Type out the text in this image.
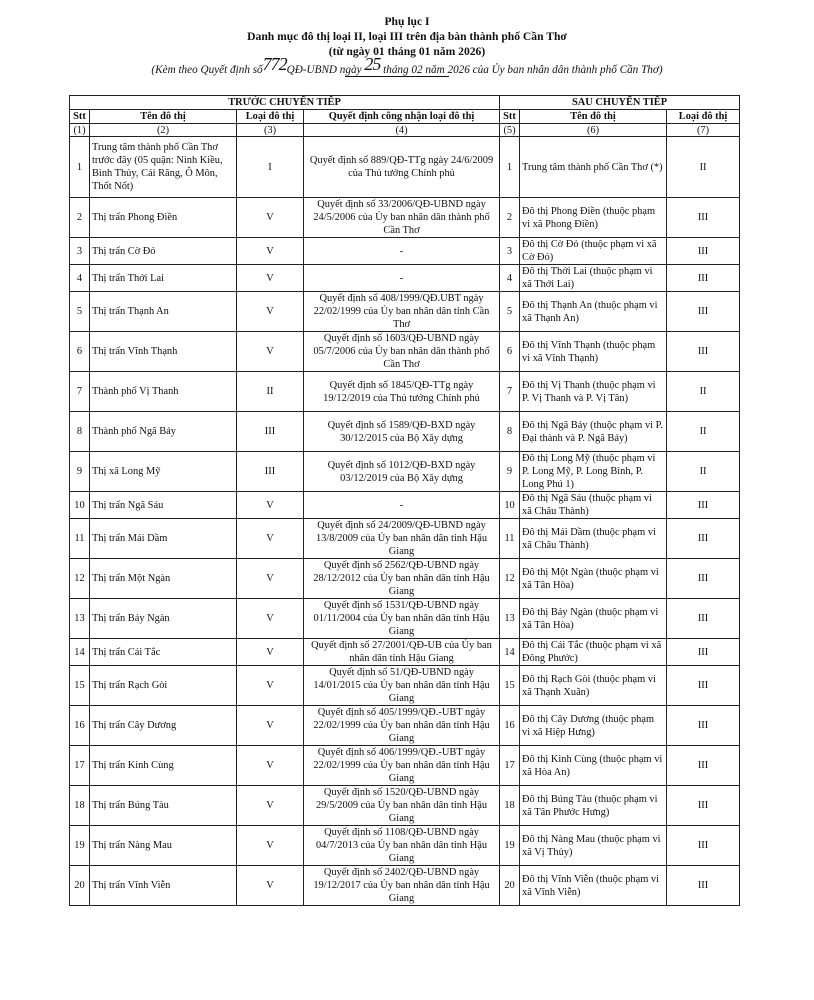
Phụ lục I
Danh mục đô thị loại II, loại III trên địa bàn thành phố Cần Thơ
(từ ngày 01 tháng 01 năm 2026)
(Kèm theo Quyết định số772QĐ-UBND ngày 25 tháng 02 năm 2026 của Ủy ban nhân dân thành phố Cần Thơ)
TRƯỚC CHUYỂN TIẾP				SAU CHUYỂN TIẾP		
Stt	Tên đô thị	Loại đô thị	Quyết định công nhận loại đô thị	Stt	Tên đô thị	Loại đô thị
(1)	(2)	(3)	(4)	(5)	(6)	(7)
1	Trung tâm thành phố Cần Thơ trước đây (05 quận: Ninh Kiều, Bình Thủy, Cái Răng, Ô Môn, Thốt Nốt)	I	Quyết định số 889/QĐ-TTg ngày 24/6/2009 của Thủ tướng Chính phủ	1	Trung tâm thành phố Cần Thơ (*)	II
2	Thị trấn Phong Điền	V	Quyết định số 33/2006/QĐ-UBND ngày 24/5/2006 của Ủy ban nhân dân thành phố Cần Thơ	2	Đô thị Phong Điền (thuộc phạm vi xã Phong Điền)	III
3	Thị trấn Cờ Đỏ	V	-	3	Đô thị Cờ Đỏ (thuộc phạm vi xã Cờ Đỏ)	III
4	Thị trấn Thới Lai	V	-	4	Đô thị Thới Lai (thuộc phạm vi xã Thới Lai)	III
5	Thị trấn Thạnh An	V	Quyết định số 408/1999/QĐ.UBT ngày 22/02/1999 của Ủy ban nhân dân tỉnh Cần Thơ	5	Đô thị Thạnh An (thuộc phạm vi xã Thạnh An)	III
6	Thị trấn Vĩnh Thạnh	V	Quyết định số 1603/QĐ-UBND ngày 05/7/2006 của Ủy ban nhân dân thành phố Cần Thơ	6	Đô thị Vĩnh Thạnh (thuộc phạm vi xã Vĩnh Thạnh)	III
7	Thành phố Vị Thanh	II	Quyết định số 1845/QĐ-TTg ngày 19/12/2019 của Thủ tướng Chính phủ	7	Đô thị Vị Thanh (thuộc phạm vi P. Vị Thanh và P. Vị Tân)	II
8	Thành phố Ngã Bảy	III	Quyết định số 1589/QĐ-BXD ngày 30/12/2015 của Bộ Xây dựng	8	Đô thị Ngã Bảy (thuộc phạm vi P. Đại thành và P. Ngã Bảy)	II
9	Thị xã Long Mỹ	III	Quyết định số 1012/QĐ-BXD ngày 03/12/2019 của Bộ Xây dựng	9	Đô thị Long Mỹ (thuộc phạm vi P. Long Mỹ, P. Long Bình, P. Long Phú 1)	II
10	Thị trấn Ngã Sáu	V	-	10	Đô thị Ngã Sáu (thuộc phạm vi xã Châu Thành)	III
11	Thị trấn Mái Dầm	V	Quyết định số 24/2009/QĐ-UBND ngày 13/8/2009 của Ủy ban nhân dân tỉnh Hậu Giang	11	Đô thị Mái Dầm (thuộc phạm vi xã Châu Thành)	III
12	Thị trấn Một Ngàn	V	Quyết định số 2562/QĐ-UBND ngày 28/12/2012 của Ủy ban nhân dân tỉnh Hậu Giang	12	Đô thị Một Ngàn (thuộc phạm vi xã Tân Hòa)	III
13	Thị trấn Bảy Ngàn	V	Quyết định số 1531/QĐ-UBND ngày 01/11/2004 của Ủy ban nhân dân tỉnh Hậu Giang	13	Đô thị Bảy Ngàn (thuộc phạm vi xã Tân Hòa)	III
14	Thị trấn Cái Tắc	V	Quyết định số 27/2001/QĐ-UB của Ủy ban nhân dân tỉnh Hậu Giang	14	Đô thị Cái Tắc (thuộc phạm vi xã Đông Phước)	III
15	Thị trấn Rạch Gòi	V	Quyết định số 51/QĐ-UBND ngày 14/01/2015 của Ủy ban nhân dân tỉnh Hậu Giang	15	Đô thị Rạch Gòi (thuộc phạm vi xã Thạnh Xuân)	III
16	Thị trấn Cây Dương	V	Quyết định số 405/1999/QĐ.-UBT ngày 22/02/1999 của Ủy ban nhân dân tỉnh Hậu Giang	16	Đô thị Cây Dương (thuộc phạm vi xã Hiệp Hưng)	III
17	Thị trấn Kinh Cùng	V	Quyết định số 406/1999/QĐ.-UBT ngày 22/02/1999 của Ủy ban nhân dân tỉnh Hậu Giang	17	Đô thị Kinh Cùng (thuộc phạm vi xã Hòa An)	III
18	Thị trấn Búng Tàu	V	Quyết định số 1520/QĐ-UBND ngày 29/5/2009 của Ủy ban nhân dân tỉnh Hậu Giang	18	Đô thị Búng Tàu (thuộc phạm vi xã Tân Phước Hưng)	III
19	Thị trấn Nàng Mau	V	Quyết định số 1108/QĐ-UBND ngày 04/7/2013 của Ủy ban nhân dân tỉnh Hậu Giang	19	Đô thị Nàng Mau (thuộc phạm vi xã Vị Thủy)	III
20	Thị trấn Vĩnh Viễn	V	Quyết định số 2402/QĐ-UBND ngày 19/12/2017 của Ủy ban nhân dân tỉnh Hậu Giang	20	Đô thị Vĩnh Viễn (thuộc phạm vi xã Vĩnh Viễn)	III
